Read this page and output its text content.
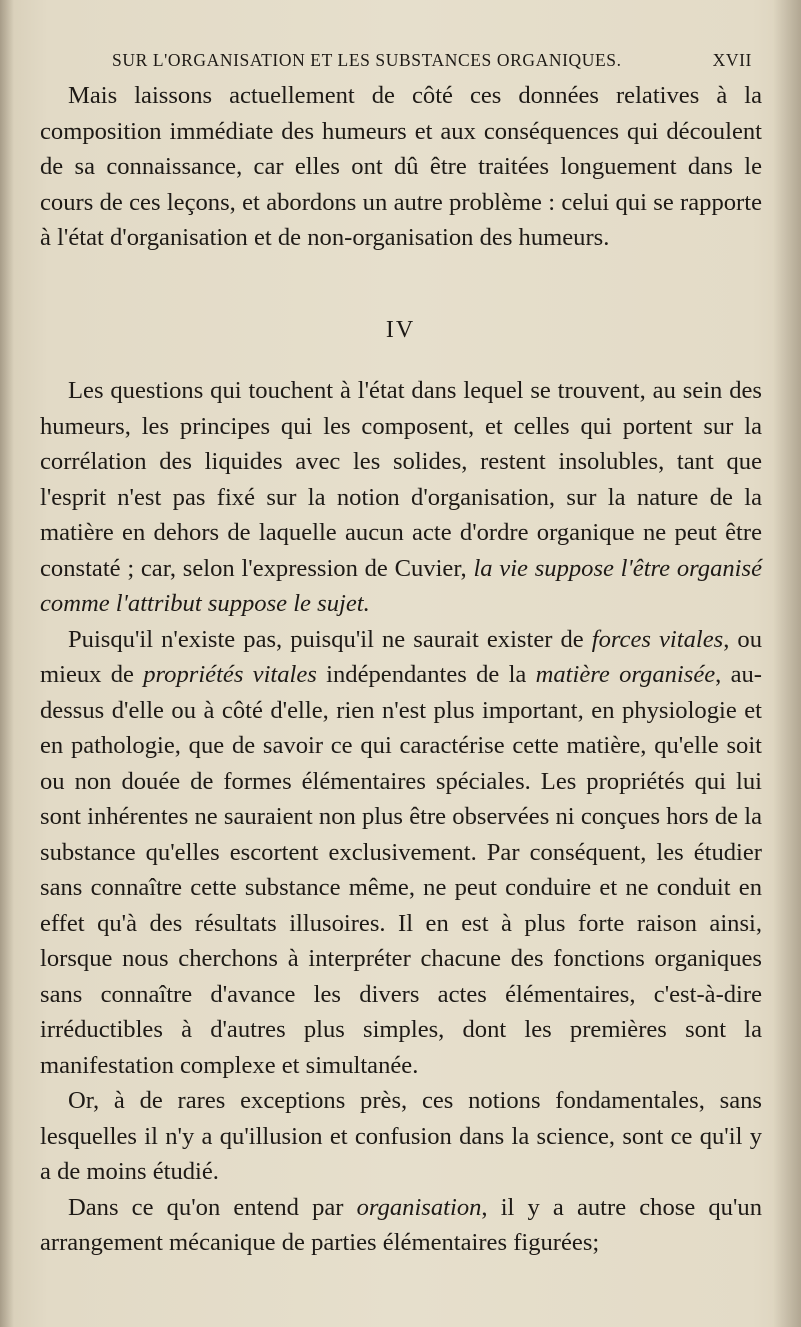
SUR L'ORGANISATION ET LES SUBSTANCES ORGANIQUES.	XVII

Mais laissons actuellement de côté ces données relatives à la composition immédiate des humeurs et aux conséquences qui découlent de sa connaissance, car elles ont dû être traitées longuement dans le cours de ces leçons, et abordons un autre problème : celui qui se rapporte à l'état d'organisation et de non-organisation des humeurs.

IV

Les questions qui touchent à l'état dans lequel se trouvent, au sein des humeurs, les principes qui les composent, et celles qui portent sur la corrélation des liquides avec les solides, restent insolubles, tant que l'esprit n'est pas fixé sur la notion d'organisation, sur la nature de la matière en dehors de laquelle aucun acte d'ordre organique ne peut être constaté ; car, selon l'expression de Cuvier, la vie suppose l'être organisé comme l'attribut suppose le sujet.

Puisqu'il n'existe pas, puisqu'il ne saurait exister de forces vitales, ou mieux de propriétés vitales indépendantes de la matière organisée, au-dessus d'elle ou à côté d'elle, rien n'est plus important, en physiologie et en pathologie, que de savoir ce qui caractérise cette matière, qu'elle soit ou non douée de formes élémentaires spéciales. Les propriétés qui lui sont inhérentes ne sauraient non plus être observées ni conçues hors de la substance qu'elles escortent exclusivement. Par conséquent, les étudier sans connaître cette substance même, ne peut conduire et ne conduit en effet qu'à des résultats illusoires. Il en est à plus forte raison ainsi, lorsque nous cherchons à interpréter chacune des fonctions organiques sans connaître d'avance les divers actes élémentaires, c'est-à-dire irréductibles à d'autres plus simples, dont les premières sont la manifestation complexe et simultanée.

Or, à de rares exceptions près, ces notions fondamentales, sans lesquelles il n'y a qu'illusion et confusion dans la science, sont ce qu'il y a de moins étudié.

Dans ce qu'on entend par organisation, il y a autre chose qu'un arrangement mécanique de parties élémentaires figurées;
